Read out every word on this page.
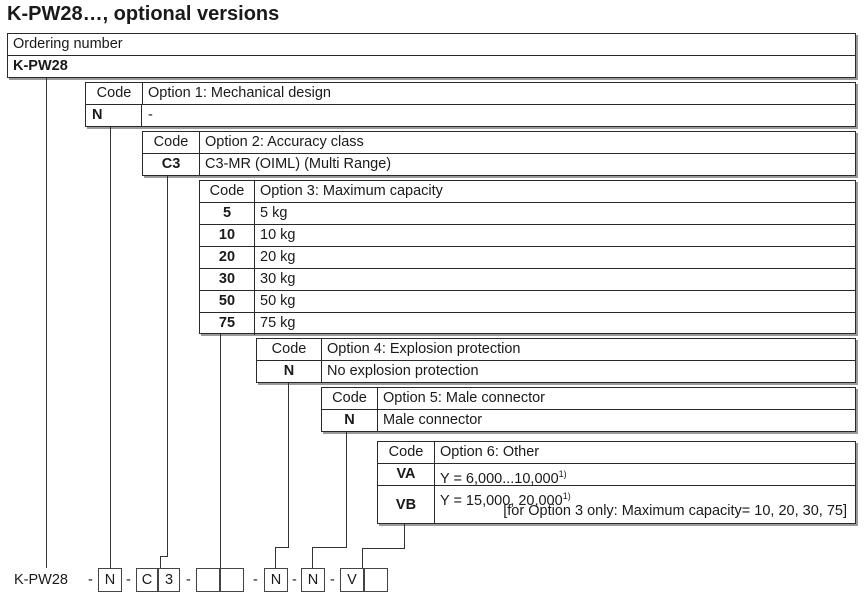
K-PW28…, optional versions
Ordering number
K-PW28
Code	Option 1: Mechanical design
N	-
Code	Option 2: Accuracy class
C3	C3-MR (OIML) (Multi Range)
Code	Option 3: Maximum capacity
5	5 kg
10	10 kg
20	20 kg
30	30 kg
50	50 kg
75	75 kg
Code	Option 4: Explosion protection
N	No explosion protection
Code	Option 5: Male connector
N	Male connector
Code	Option 6: Other
VA	$Y = 6,000...10,000^{1)}$
VB	Y = 15,000, 20,000$^{1)}$
[for Option 3 only: Maximum capacity= 10, 20, 30, 75]
K-PW28 - N - C 3 -	- N - N - V
